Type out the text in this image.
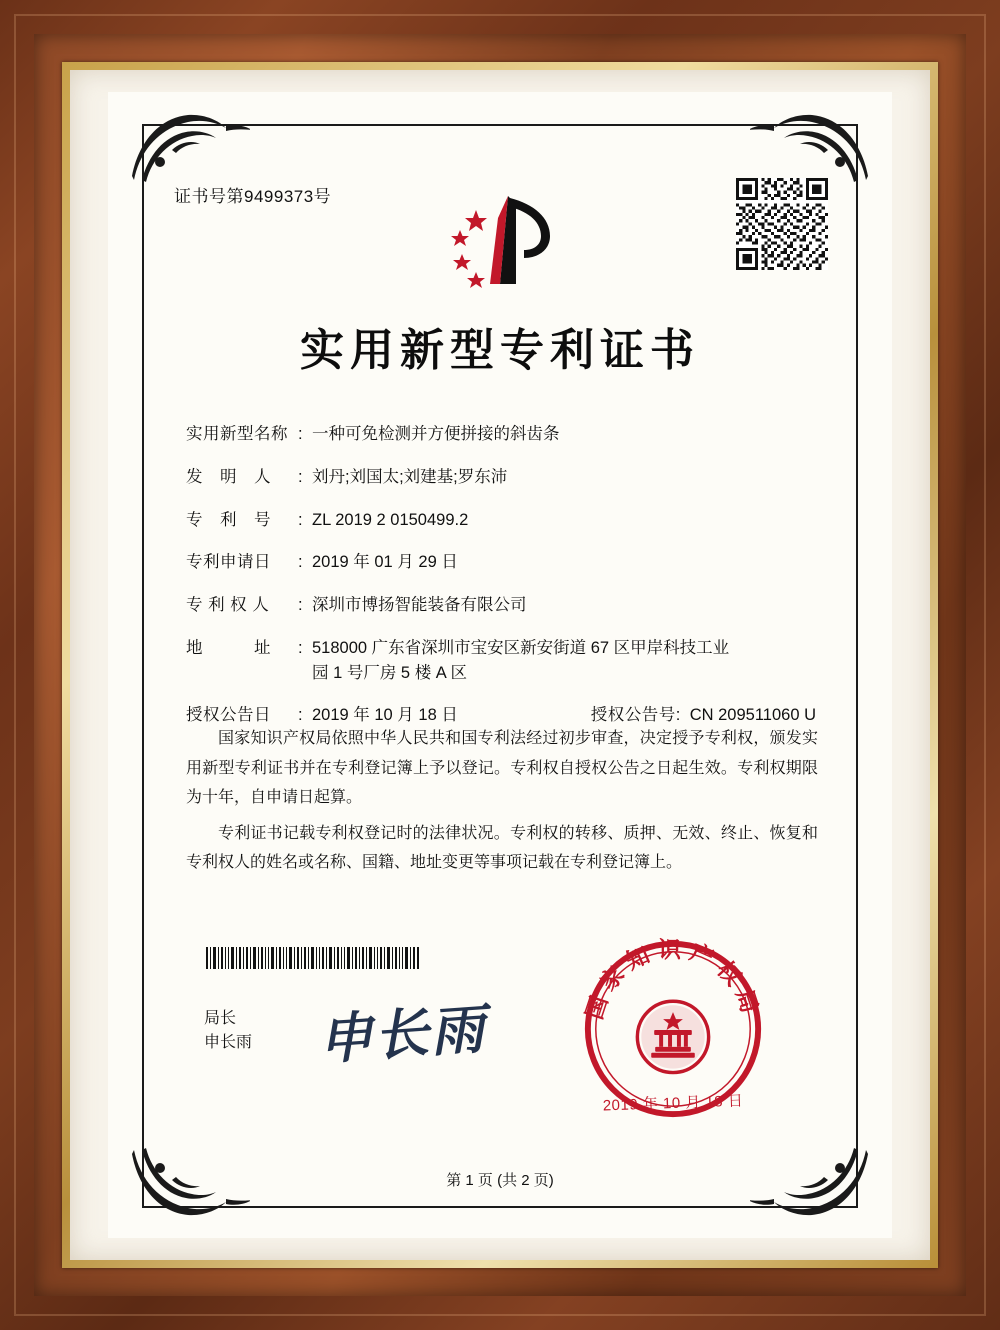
证书号第9499373号
实用新型专利证书
实用新型名称 : 一种可免检测并方便拼接的斜齿条
发　明　人	: 刘丹;刘国太;刘建基;罗东沛
专　利　号	: ZL 2019 2 0150499.2
专利申请日	: 2019 年 01 月 29 日
专 利 权 人	: 深圳市博扬智能装备有限公司
地　　　址	: 518000 广东省深圳市宝安区新安街道 67 区甲岸科技工业
园 1 号厂房 5 楼 A 区
授权公告日	: 2019 年 10 月 18 日	授权公告号 : CN 209511060 U

国家知识产权局依照中华人民共和国专利法经过初步审查，决定授予专利权，颁发实用新型专利证书并在专利登记簿上予以登记。专利权自授权公告之日起生效。专利权期限为十年，自申请日起算。

专利证书记载专利权登记时的法律状况。专利权的转移、质押、无效、终止、恢复和专利权人的姓名或名称、国籍、地址变更等事项记载在专利登记簿上。

申长雨
局长
申长雨
国家知识产权局
2019 年 10 月 18 日
第 1 页 (共 2 页)
